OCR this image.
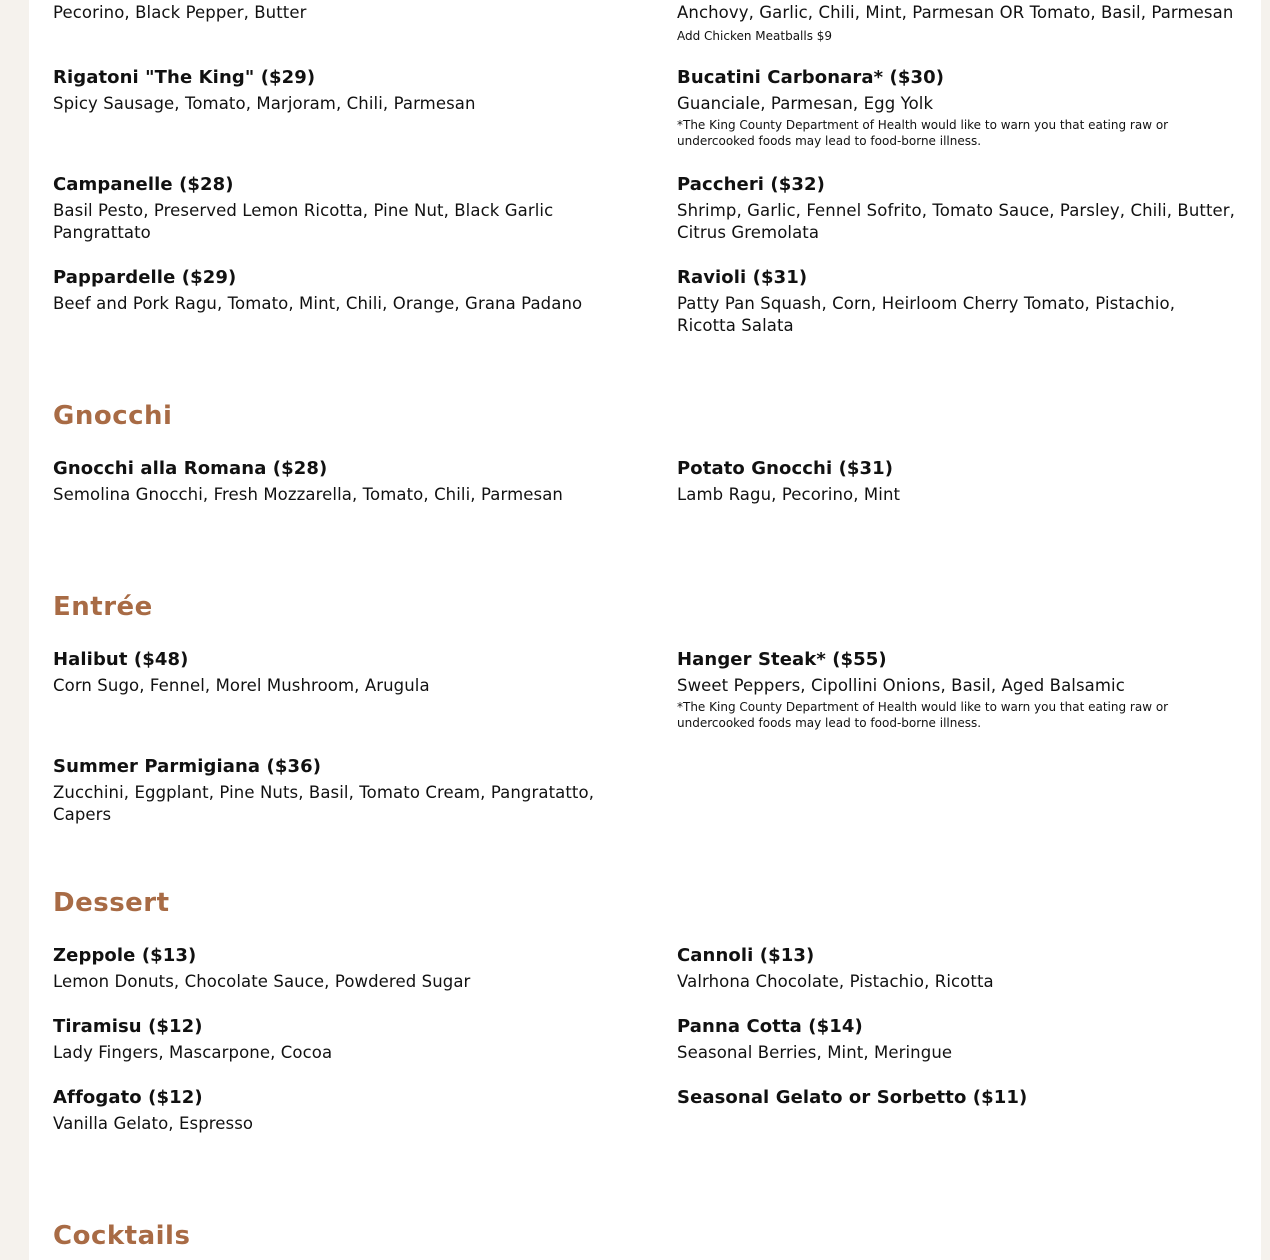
Pecorino, Black Pepper, Butter	Anchovy, Garlic, Chili, Mint, Parmesan OR Tomato, Basil, Parmesan
Add Chicken Meatballs $9
Rigatoni "The King" ($29)
Spicy Sausage, Tomato, Marjoram, Chili, Parmesan
Bucatini Carbonara* ($30)
Guanciale, Parmesan, Egg Yolk
*The King County Department of Health would like to warn you that eating raw or undercooked foods may lead to food-borne illness.
Campanelle ($28)
Basil Pesto, Preserved Lemon Ricotta, Pine Nut, Black Garlic Pangrattato
Paccheri ($32)
Shrimp, Garlic, Fennel Sofrito, Tomato Sauce, Parsley, Chili, Butter, Citrus Gremolata
Pappardelle ($29)
Beef and Pork Ragu, Tomato, Mint, Chili, Orange, Grana Padano
Ravioli ($31)
Patty Pan Squash, Corn, Heirloom Cherry Tomato, Pistachio, Ricotta Salata
Gnocchi
Gnocchi alla Romana ($28)
Semolina Gnocchi, Fresh Mozzarella, Tomato, Chili, Parmesan
Potato Gnocchi ($31)
Lamb Ragu, Pecorino, Mint
Entrée
Halibut ($48)
Corn Sugo, Fennel, Morel Mushroom, Arugula
Hanger Steak* ($55)
Sweet Peppers, Cipollini Onions, Basil, Aged Balsamic
*The King County Department of Health would like to warn you that eating raw or undercooked foods may lead to food-borne illness.
Summer Parmigiana ($36)
Zucchini, Eggplant, Pine Nuts, Basil, Tomato Cream, Pangratatto, Capers
Dessert
Zeppole ($13)
Lemon Donuts, Chocolate Sauce, Powdered Sugar
Cannoli ($13)
Valrhona Chocolate, Pistachio, Ricotta
Tiramisu ($12)
Lady Fingers, Mascarpone, Cocoa
Panna Cotta ($14)
Seasonal Berries, Mint, Meringue
Affogato ($12)
Vanilla Gelato, Espresso
Seasonal Gelato or Sorbetto ($11)
Cocktails
